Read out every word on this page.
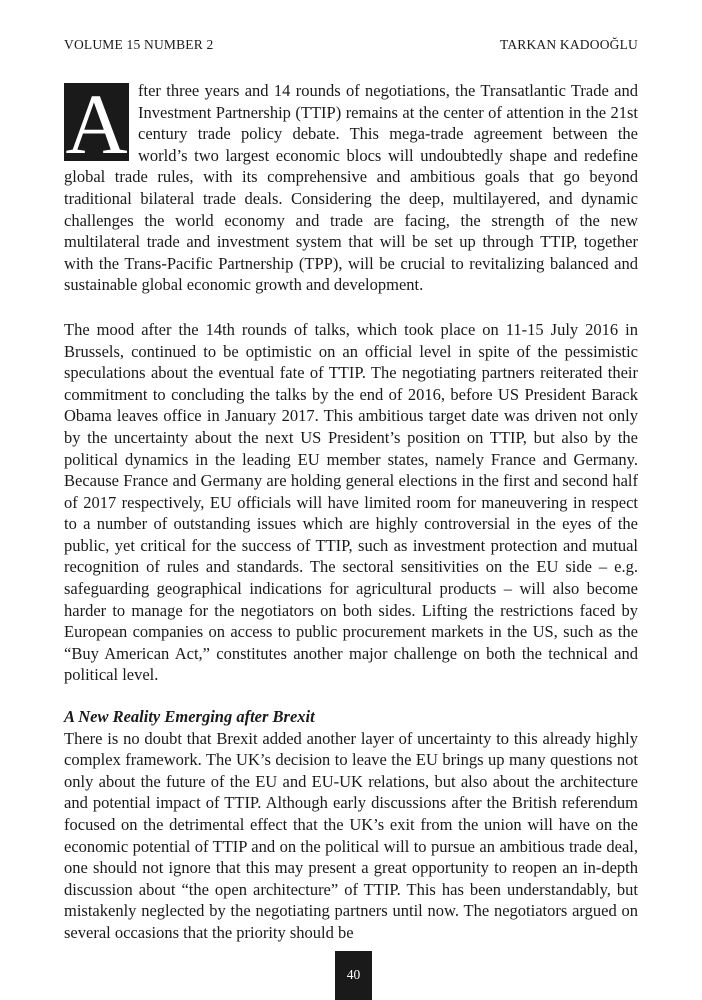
VOLUME 15 NUMBER 2	TARKAN KADOOĞLU

A fter three years and 14 rounds of negotiations, the Transatlantic Trade and Investment Partnership (TTIP) remains at the center of attention in the 21st century trade policy debate. This mega-trade agreement between the world’s two largest economic blocs will undoubtedly shape and redefine global trade rules, with its comprehensive and ambitious goals that go beyond traditional bilateral trade deals. Considering the deep, multilayered, and dynamic challenges the world economy and trade are facing, the strength of the new multilateral trade and investment system that will be set up through TTIP, together with the Trans-Pacific Partnership (TPP), will be crucial to revitalizing balanced and sustainable global economic growth and development.

The mood after the 14th rounds of talks, which took place on 11-15 July 2016 in Brussels, continued to be optimistic on an official level in spite of the pessimistic speculations about the eventual fate of TTIP. The negotiating partners reiterated their commitment to concluding the talks by the end of 2016, before US President Barack Obama leaves office in January 2017. This ambitious target date was driven not only by the uncertainty about the next US President’s position on TTIP, but also by the political dynamics in the leading EU member states, namely France and Germany. Because France and Germany are holding general elections in the first and second half of 2017 respectively, EU officials will have limited room for maneuvering in respect to a number of outstanding issues which are highly controversial in the eyes of the public, yet critical for the success of TTIP, such as investment protection and mutual recognition of rules and standards. The sectoral sensitivities on the EU side – e.g. safeguarding geographical indications for agricultural products – will also become harder to manage for the negotiators on both sides. Lifting the restrictions faced by European companies on access to public procurement markets in the US, such as the “Buy American Act,” constitutes another major challenge on both the technical and political level.

A New Reality Emerging after Brexit

There is no doubt that Brexit added another layer of uncertainty to this already highly complex framework. The UK’s decision to leave the EU brings up many questions not only about the future of the EU and EU-UK relations, but also about the architecture and potential impact of TTIP. Although early discussions after the British referendum focused on the detrimental effect that the UK’s exit from the union will have on the economic potential of TTIP and on the political will to pursue an ambitious trade deal, one should not ignore that this may present a great opportunity to reopen an in-depth discussion about “the open architecture” of TTIP. This has been understandably, but mistakenly neglected by the negotiating partners until now. The negotiators argued on several occasions that the priority should be

40
